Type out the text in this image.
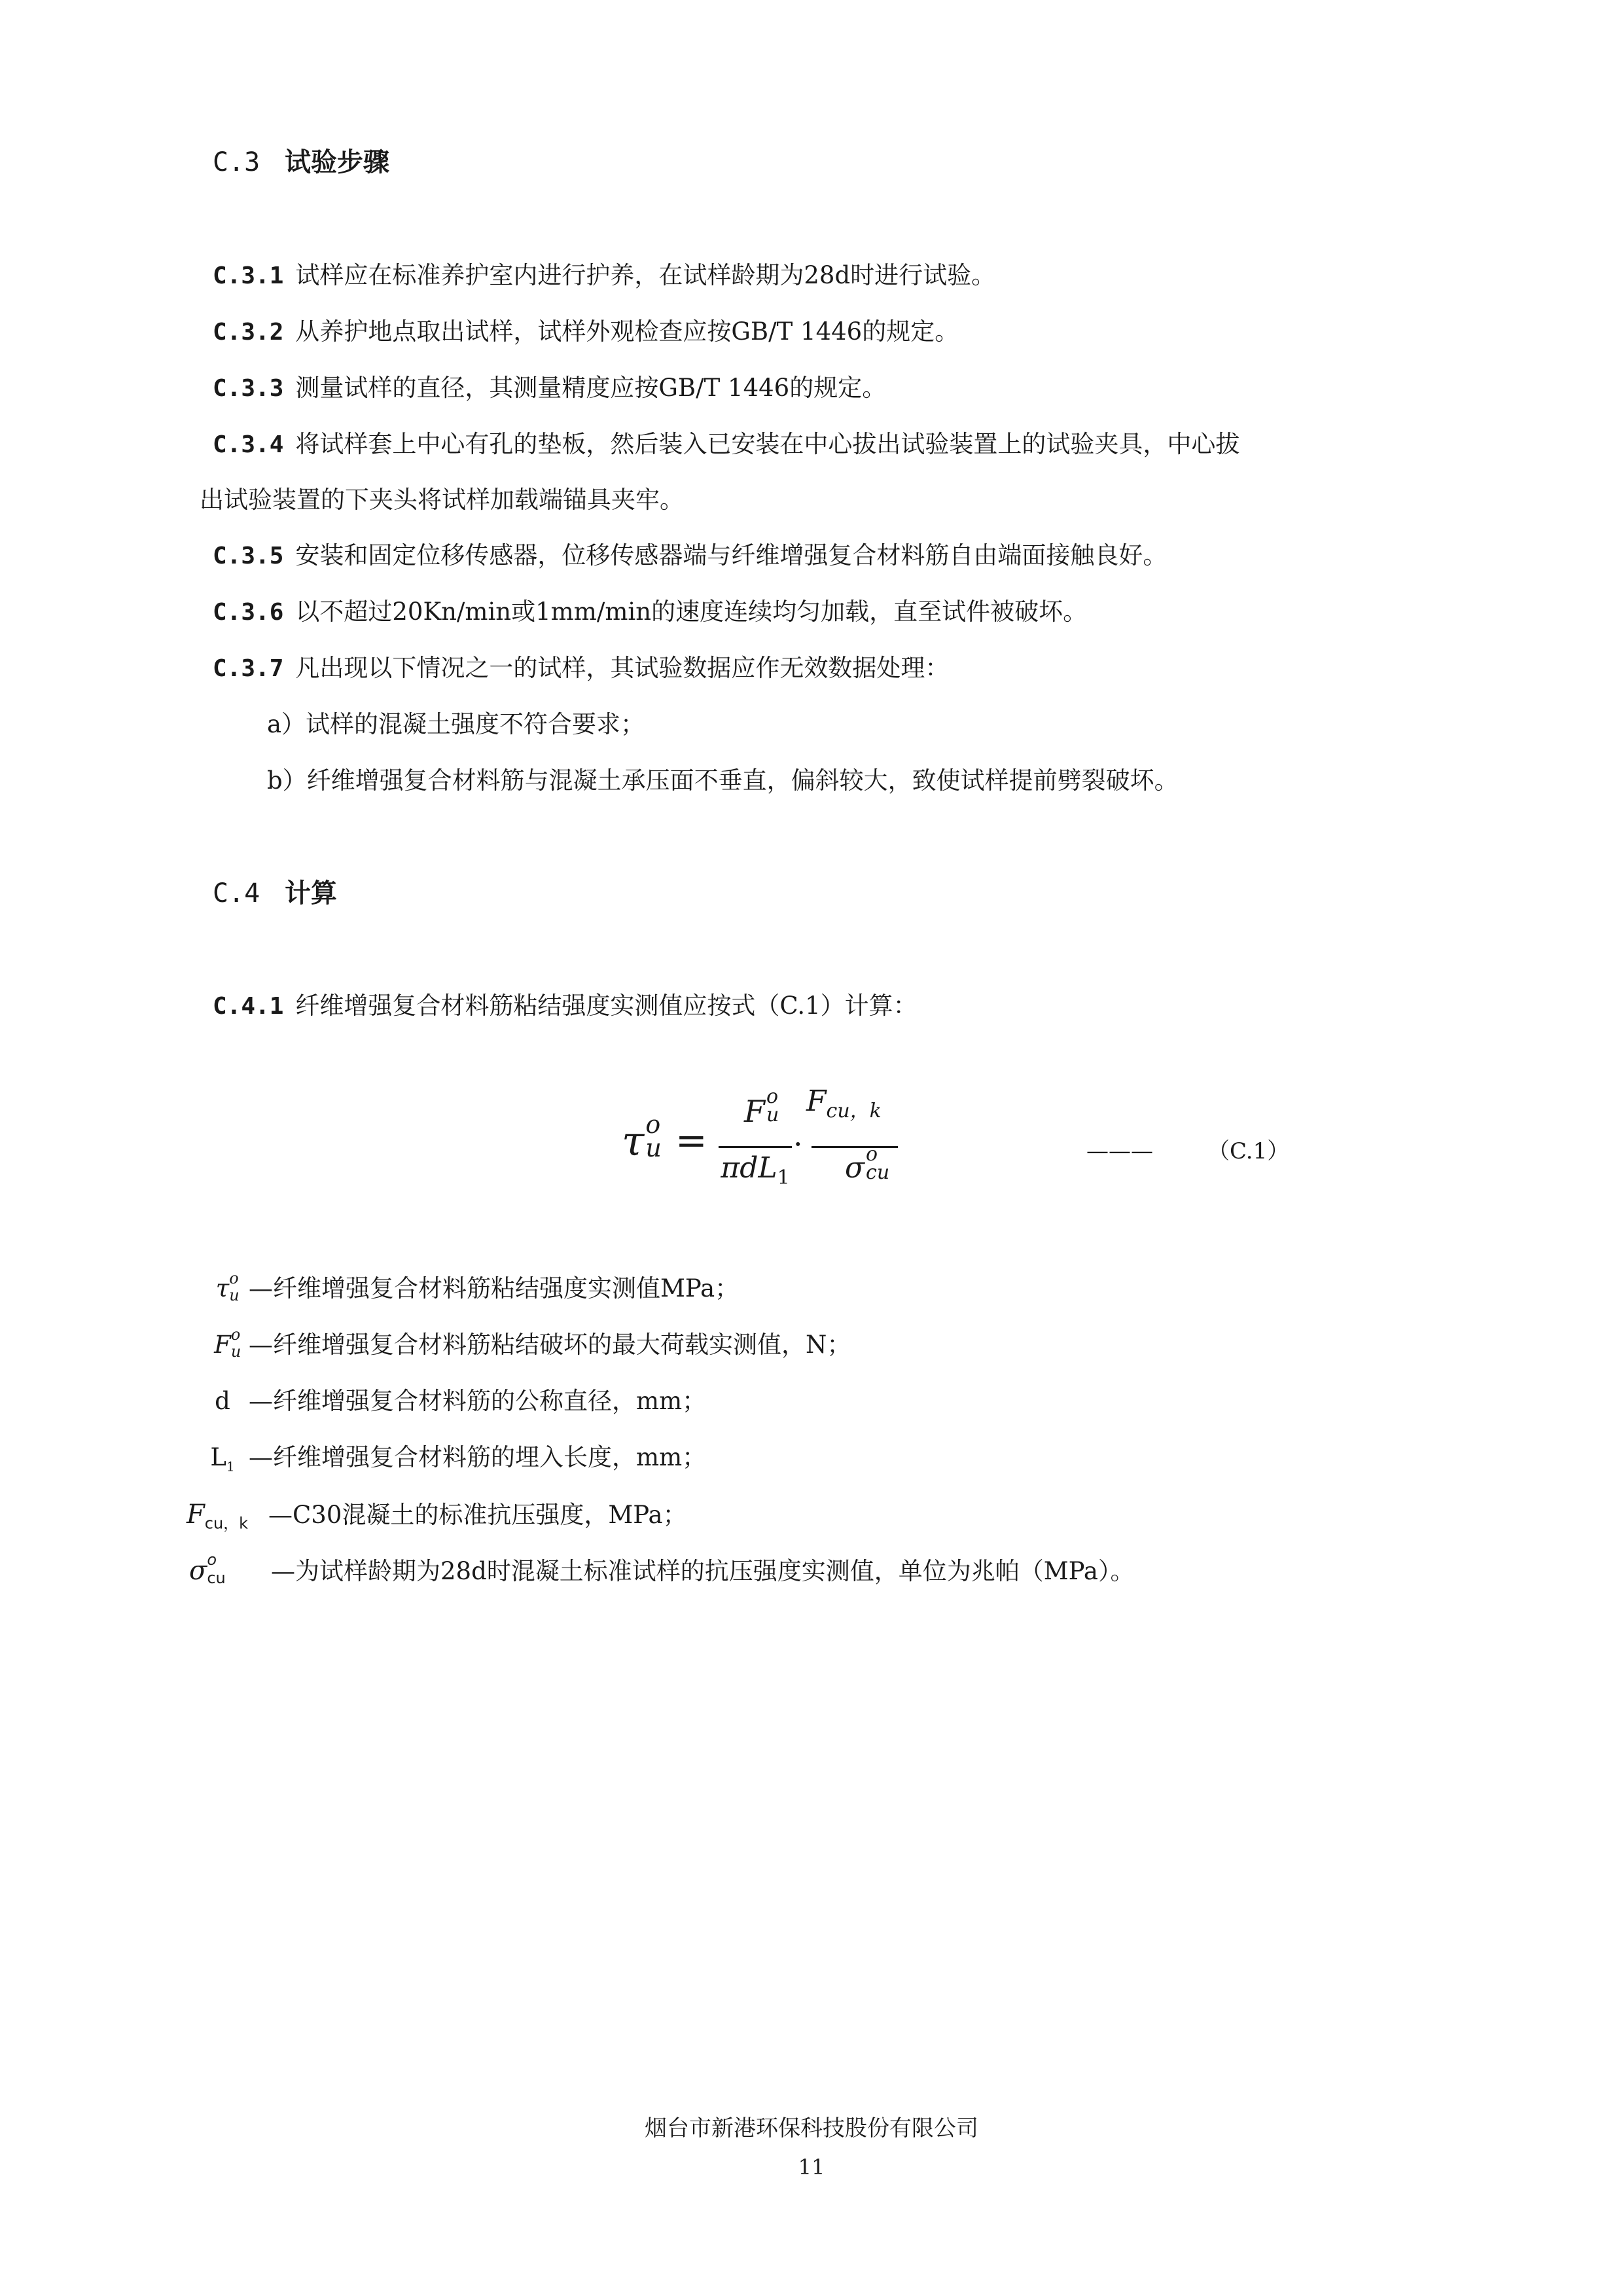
C.3 试验步骤
C.3.1 试样应在标准养护室内进行护养，在试样龄期为28d时进行试验。
C.3.2 从养护地点取出试样，试样外观检查应按GB/T 1446的规定。
C.3.3 测量试样的直径，其测量精度应按GB/T 1446的规定。
C.3.4 将试样套上中心有孔的垫板，然后装入已安装在中心拔出试验装置上的试验夹具，中心拔
出试验装置的下夹头将试样加载端锚具夹牢。
C.3.5 安装和固定位移传感器，位移传感器端与纤维增强复合材料筋自由端面接触良好。
C.3.6 以不超过20Kn/min或1mm/min的速度连续均匀加载，直至试件被破坏。
C.3.7 凡出现以下情况之一的试样，其试验数据应作无效数据处理：
a）试样的混凝土强度不符合要求；
b）纤维增强复合材料筋与混凝土承压面不垂直，偏斜较大，致使试样提前劈裂破坏。
C.4 计算
C.4.1 纤维增强复合材料筋粘结强度实测值应按式（C.1）计算：
τ o
u =
F o
u
πdL$_1$
·
$F_{cu,k}$
σ o
cu
——— （C.1）
τ o
u —纤维增强复合材料筋粘结强度实测值MPa；
F o
u —纤维增强复合材料筋粘结破坏的最大荷载实测值，N；
d —纤维增强复合材料筋的公称直径，mm；
$L_1$ —纤维增强复合材料筋的埋入长度，mm；
$F_{cu,k}$ —C30混凝土的标准抗压强度，MPa；
σ o
cu —为试样龄期为28d时混凝土标准试样的抗压强度实测值，单位为兆帕（MPa）。
烟台市新港环保科技股份有限公司
11
